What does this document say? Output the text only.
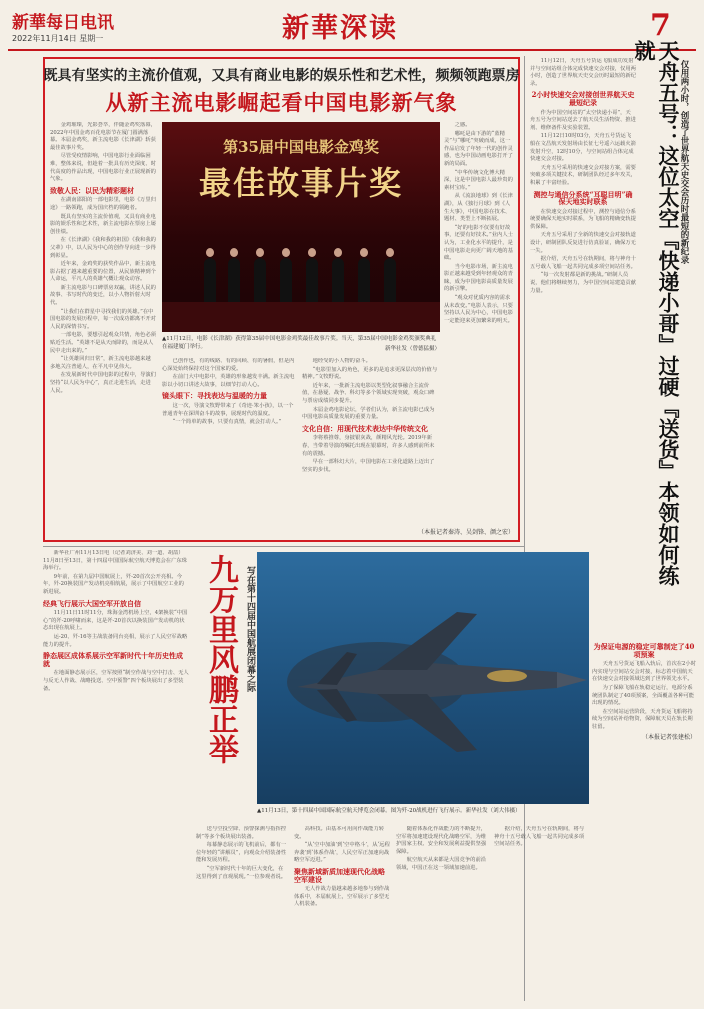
新華每日电讯
2022年11月14日 星期一	新華深读	7
既具有坚实的主流价值观，又具有商业电影的娱乐性和艺术性，频频领跑票房
从新主流电影崛起看中国电影新气象

金鸡璀璨，光影荟萃，伴随金鸡奖落幕，2022年中国金鸡百花电影节在厦门圆满落幕。本届金鸡奖，新主流电影《长津湖》斩获最佳故事片奖。

尽管受疫情影响，中国电影行业面临困难，整体来说，但趁着一批具有历史深度、时代高度的作品出现，中国电影行业正展现新的气象。

致敬人民：以民为精彩题材

在湖南邵阳的一部电影里，电影《万里归途》一路领跑，成为国庆档的领跑者。

既具有坚实的主流价值观，又具有商业电影的娱乐性和艺术性，新主流电影在票房上屡创佳绩。

在《长津湖》《我和我的祖国》《我和我的父辈》中，以人民为中心的创作导向进一步得到彰显。

近年来，金鸡奖的获奖作品中，新主流电影占据了越来越重要的位置，从民族精神到个人命运，平凡人的英雄气概让观众动容。

新主流电影与口碑票房双赢，讲述人民的故事、书写时代的变迁，以小人物折射大时代。

“让我们在群星中寻找我们的英雄。”在中国电影的发展历程中，每一次成功都离不开对人民的深情书写。

一部电影，要想引起观众共情，角色必须贴近生活。“英雄不是从天而降的，而是从人民中走出来的。”

“让英雄回归日常”，新主流电影越来越多地关注普通人，在平凡中见伟大。

在发展新时代中国电影的过程中，导演们坚持“以人民为中心”，真正走进生活，走进人民。

第35届中国电影金鸡奖
最佳故事片奖
▲11月12日，电影《长津湖》获得第35届中国电影金鸡奖最佳故事片奖。当天，第35届中国电影金鸡奖颁奖典礼在福建厦门举行。	新华社发（曾德猛摄）

已创作也，有的线路、有的回顾、有的暑假，但是内心深处始终保持对这个国家的爱。

在前门大中电影中，英雄的形象越发丰满。新主流电影以小切口讲述大故事，以细节打动人心。

镜头眼下：寻找表达与温暖的力量

这一次，导演文牧野带来了《奇迹·笨小孩》，以一个普通青年在深圳奋斗的故事，展现时代的温度。

“一个简单的故事，只要有真情，就会打动人。”

地经受的小人物的奋斗。

“电影里加入的角色，更多的是追求更深层次的价值与精神。”文牧野说。

近年来，一批新主流电影以类型化叙事融合主流价值，在悬疑、战争、科幻等多个领域实现突破，观众口碑与票房成绩同步提升。

本届金鸡电影论坛，学者们认为，新主流电影已成为中国电影高质量发展的重要力量。

文化自信：用现代技术表达中华传统文化

李将蔡推尊，身披银灰战，颜精风光轮。2019年新春，当带着导演的嘱托出现在银幕时，许多人感到前所未有的震撼。

早在一部科幻大片，中国电影在工业化道路上迈出了坚实的步伐。

之感。

哪吒是由下游的“蓝精灵”与“哪吒”突破而成，这一作品启发了年轻一代的创作灵感，也为中国动画电影打开了新的局面。

“中华传统文化博大精深，这是中国电影人最珍贵的素材宝库。”

从《流浪地球》到《长津湖》，从《独行月球》到《人生大事》，中国电影在技术、题材、类型上不断拓展。

“好的电影不仅要有好故事，还要有好技术。”业内人士认为，工业化水平的提升，是中国电影走向更广阔天地的基础。

当今电影市场，新主流电影正越来越受到年轻观众的青睐，成为中国电影高质量发展的新引擎。

“观众对优质内容的需求从未改变。”电影人表示，只要坚持以人民为中心，中国电影一定能迎来更加繁荣的明天。

（本报记者秦涛、吴剑锋、颜之宏）

11月12日，天舟五号货运飞船成功发射并与空间站组合体完成快速交会对接，仅用两小时，创造了世界航天史交会历时最短的新纪录。

2小时快速交会对接创世界航天史最短纪录

作为中国空间站的“太空快递小哥”，天舟五号为空间站送去了航天员生活物资、推进剂、维修备件及实验装置。

11月12日10时03分，天舟五号货运飞船在文昌航天发射场由长征七号遥六运载火箭发射升空，12时10分，与空间站组合体完成快速交会对接。

天舟五号采用的快速交会对接方案，需要突破多项关键技术，研制团队经过多年攻关，积累了丰富经验。

测控与通信分系统“耳聪目明”确保天地实时联系

在快速交会对接过程中，测控与通信分系统要确保天地实时联系，为飞船的精确变轨提供保障。

天舟五号采用了全新的快速交会对接轨道设计，研制团队反复进行仿真验证，确保万无一失。

据介绍，天舟五号在轨期间，将与神舟十五号载人飞船一起共同完成多项空间站任务。

“每一次发射都是新的挑战。”研制人员说，他们将继续努力，为中国空间站建造贡献力量。	天舟五号：这位太空『快递小哥』过硬『送货』本领如何练就
仅用两小时，创造了世界航天史交会历时最短的新纪录
为保证电源的稳定可靠制定了40项预案

天舟五号货运飞船入轨后，首次在2小时内实现与空间站交会对接，标志着中国航天在快速交会对接领域达到了世界领先水平。

为了保障飞船在轨稳定运行，电源分系统团队制定了40项预案，全面覆盖各种可能出现的情况。

在空间站运营阶段，天舟货运飞船将持续为空间站补给物资，保障航天员在轨长期驻留。

（本报记者张建松）

新华社广州11月13日电（记者刘济美、刘一道、胡喆）11月8日至13日，第十四届中国国际航空航天博览会在广东珠海举行。

9年前，在第九届中国航展上，歼-20首次公开亮相。今年，歼-20换装国产发动机亮相航展，展示了中国航空工业的新进展。

经典飞行展示大国空军开放自信

11月11日11时11分，珠海金湾机场上空，4架换装“中国心”的歼-20呼啸而来，这是歼-20首次以换装国产发动机的状态出现在航展上。

运-20、歼-16等主战装备同台亮相，展示了人民空军战略能力的提升。

静态展区成体系展示空军新时代十年历史性成就

在地面静态展示区，空军按照“制空作战与空中打击、无人与反无人作战、战略投送、空中预警”四个板块展出了多型装备。	九万里风鹏正举 写在第十四届中国航展闭幕之际
▲11月13日，第十四届中国国际航空航天博览会闭幕。图为歼-20战机进行飞行展示。新华社发（刘大伟摄）

送与空投空降、预警探测与指挥控制”等多个板块展出装备。

每幕静态展示的飞机前后，都有一位年轻的“讲解员”，向观众介绍装备性能和发展历程。

“空军新时代十年的巨大变化，在这里得到了直观展现。”一位参观者说。

高科技。由基本可用向作战能力转变。

“从‘空中加油’到‘空中格斗’，从‘远程奔袭’到‘体系作战’，人民空军正加速向战略空军迈进。”

聚焦新域新质加速现代化战略空军建设

无人作战力量越来越多地参与到作战体系中，本届航展上，空军展示了多型无人机装备。

随着体系化作战能力的不断提升，空军将加速建设现代化战略空军，为维护国家主权、安全和发展利益提供坚强保障。

航空航天从来都是大国竞争的前沿领域，中国正在这一领域加速前进。

据介绍，天舟五号在轨期间，将与神舟十五号载人飞船一起共同完成多项空间站任务。
